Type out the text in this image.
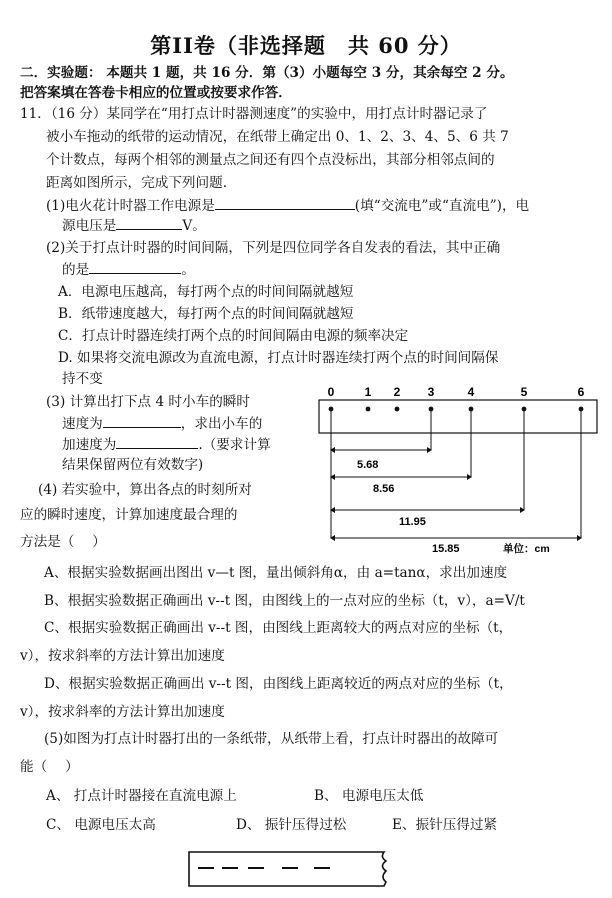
第II卷（非选择题　共 60 分）
二．实验题： 本题共 1 题，共 16 分．第（3）小题每空 3 分，其余每空 2 分。
把答案填在答卷卡相应的位置或按要求作答．
11．（16 分）某同学在“用打点计时器测速度”的实验中，用打点计时器记录了
被小车拖动的纸带的运动情况，在纸带上确定出 0、1、2、3、4、5、6 共 7
个计数点，每两个相邻的测量点之间还有四个点没标出，其部分相邻点间的
距离如图所示，完成下列问题.
(1)电火花计时器工作电源是	(填“交流电”或“直流电”)，电
源电压是	V。
(2)关于打点计时器的时间间隔，下列是四位同学各自发表的看法，其中正确
的是	。
A．电源电压越高，每打两个点的时间间隔就越短
B．纸带速度越大，每打两个点的时间间隔就越短
C．打点计时器连续打两个点的时间间隔由电源的频率决定
D. 如果将交流电源改为直流电源，打点计时器连续打两个点的时间间隔保
持不变
(3) 计算出打下点 4 时小车的瞬时
速度为	，求出小车的
加速度为	.（要求计算
结果保留两位有效数字)
(4) 若实验中，算出各点的时刻所对
应的瞬时速度，计算加速度最合理的
方法是（　 ）
A、根据实验数据画出图出 v—t 图，量出倾斜角α，由 a=tanα，求出加速度
B、根据实验数据正确画出 v--t 图，由图线上的一点对应的坐标（t，v），a=V/t
C、根据实验数据正确画出 v--t 图，由图线上距离较大的两点对应的坐标（t，
v），按求斜率的方法计算出加速度
D、根据实验数据正确画出 v--t 图，由图线上距离较近的两点对应的坐标（t，
v），按求斜率的方法计算出加速度
(5)如图为打点计时器打出的一条纸带，从纸带上看，打点计时器出的故障可
能（　 ）
A、 打点计时器接在直流电源上	B、 电源电压太低
C、 电源电压太高	D、 振针压得过松	E、振针压得过紧
0	1 2 3	4	5	6
5.68
8.56
11.95
15.85	单位：cm
